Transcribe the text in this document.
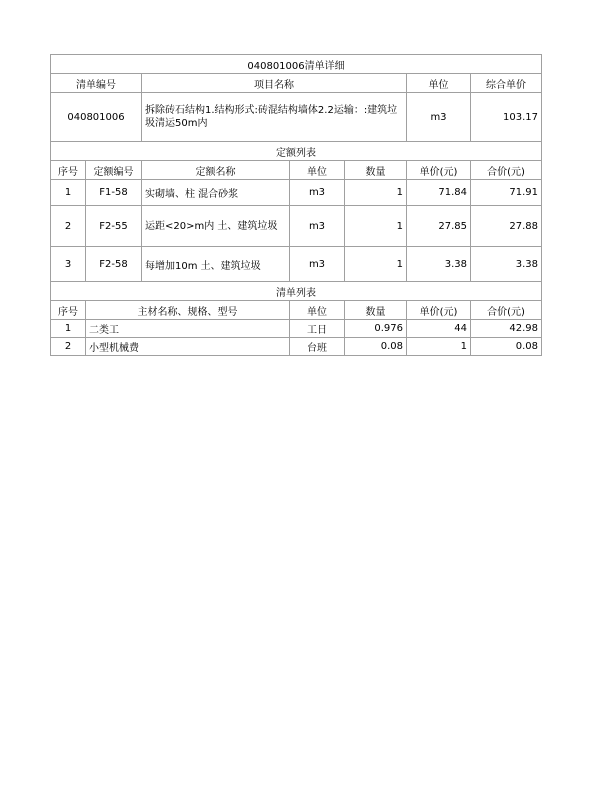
040801006清单详细						
清单编号		项目名称			单位	综合单价
040801006		拆除砖石结构1.结构形式:砖混结构墙体2.2运输：:建筑垃圾清运50m内			m3	103.17
定额列表						
序号	定额编号	定额名称	单位	数量	单价(元)	合价(元)
1	F1-58	实砌墙、柱 混合砂浆	m3	1	71.84	71.91
2	F2-55	运距<20>m内 土、建筑垃圾	m3	1	27.85	27.88
3	F2-58	每增加10m 土、建筑垃圾	m3	1	3.38	3.38
清单列表						
序号	主材名称、规格、型号		单位	数量	单价(元)	合价(元)
1	二类工		工日	0.976	44	42.98
2	小型机械费		台班	0.08	1	0.08
